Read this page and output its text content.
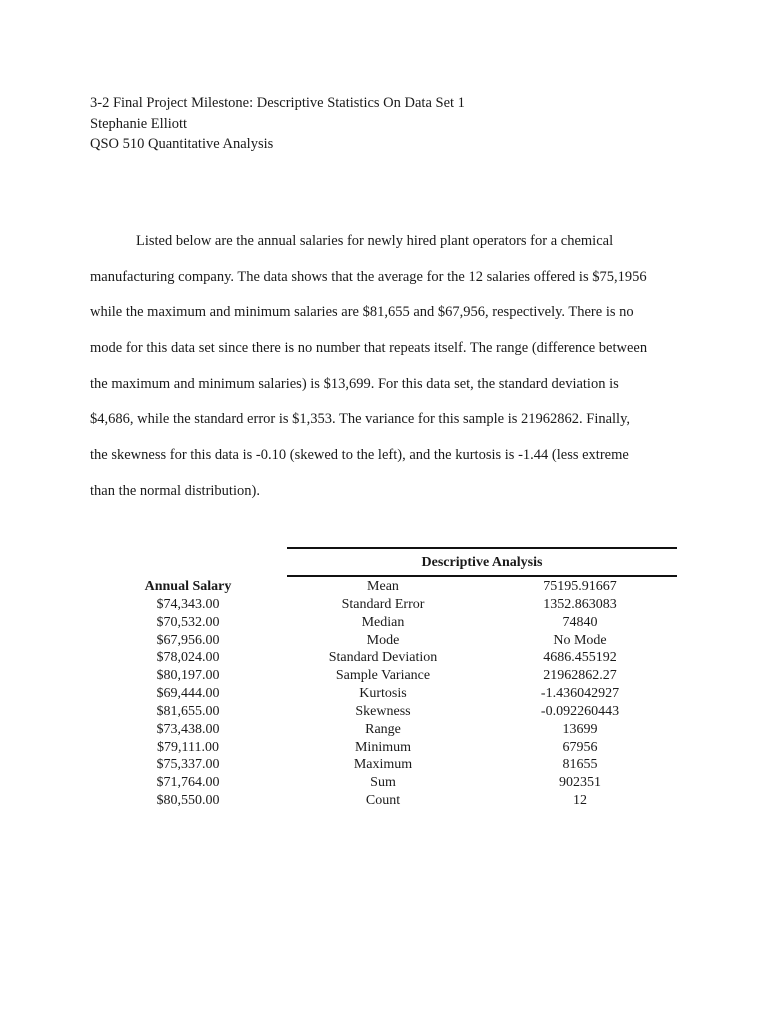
3-2 Final Project Milestone: Descriptive Statistics On Data Set 1
Stephanie Elliott
QSO 510 Quantitative Analysis
Listed below are the annual salaries for newly hired plant operators for a chemical
manufacturing company. The data shows that the average for the 12 salaries offered is $75,1956
while the maximum and minimum salaries are $81,655 and $67,956, respectively. There is no
mode for this data set since there is no number that repeats itself. The range (difference between
the maximum and minimum salaries) is $13,699. For this data set, the standard deviation is
$4,686, while the standard error is $1,353. The variance for this sample is 21962862. Finally,
the skewness for this data is -0.10 (skewed to the left), and the kurtosis is -1.44 (less extreme
than the normal distribution).
Descriptive Analysis
Annual Salary
$74,343.00
$70,532.00
$67,956.00
$78,024.00
$80,197.00
$69,444.00
$81,655.00
$73,438.00
$79,111.00
$75,337.00
$71,764.00
$80,550.00
Mean
Standard Error
Median
Mode
Standard Deviation
Sample Variance
Kurtosis
Skewness
Range
Minimum
Maximum
Sum
Count
75195.91667
1352.863083
74840
No Mode
4686.455192
21962862.27
-1.436042927
-0.092260443
13699
67956
81655
902351
12
